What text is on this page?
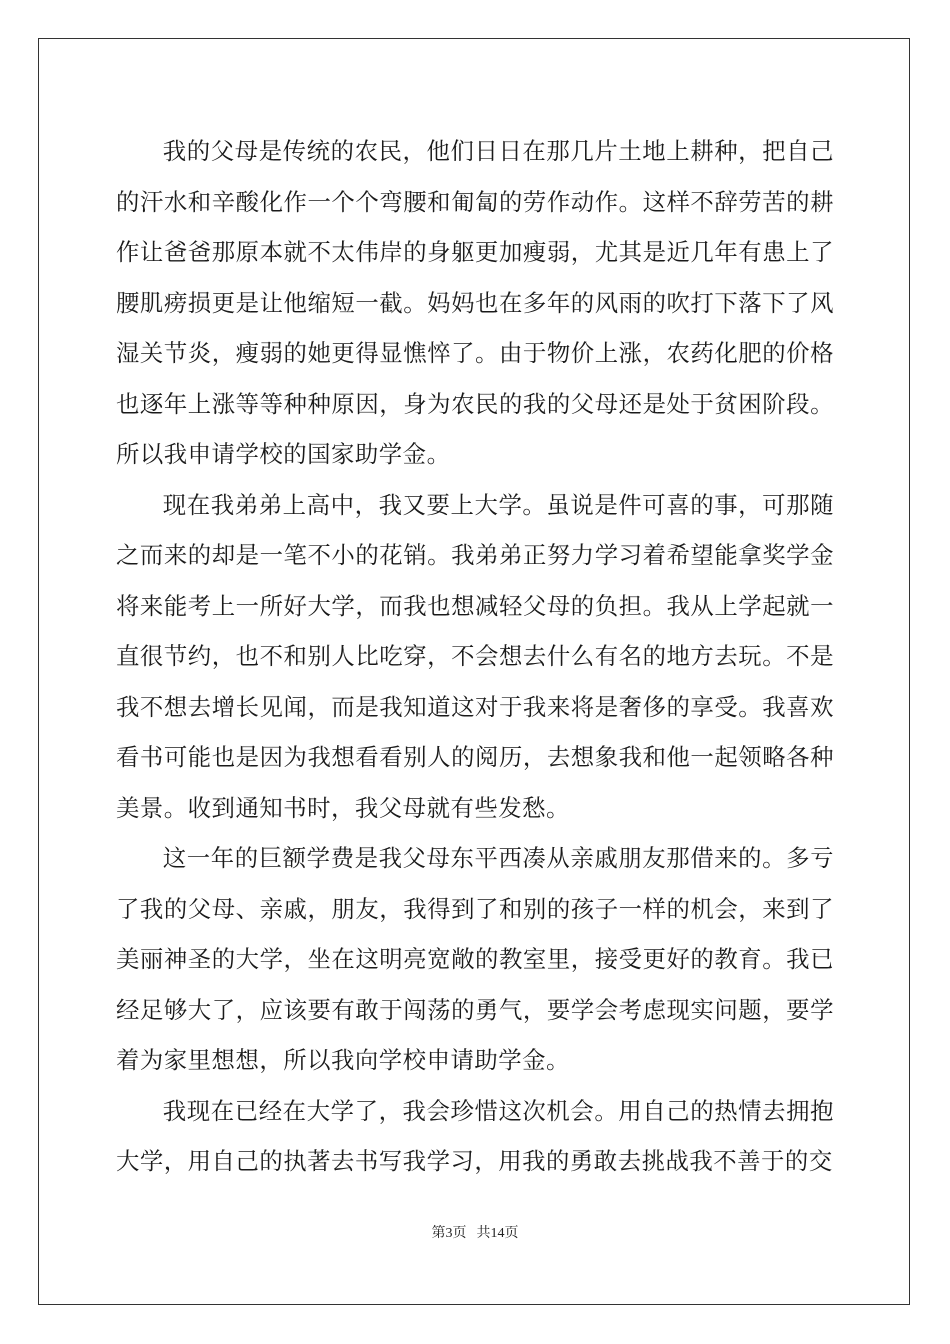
我的父母是传统的农民，他们日日在那几片土地上耕种，把自己的汗水和辛酸化作一个个弯腰和匍匐的劳作动作。这样不辞劳苦的耕作让爸爸那原本就不太伟岸的身躯更加瘦弱，尤其是近几年有患上了腰肌痨损更是让他缩短一截。妈妈也在多年的风雨的吹打下落下了风湿关节炎，瘦弱的她更得显憔悴了。由于物价上涨，农药化肥的价格也逐年上涨等等种种原因，身为农民的我的父母还是处于贫困阶段。所以我申请学校的国家助学金。

现在我弟弟上高中，我又要上大学。虽说是件可喜的事，可那随之而来的却是一笔不小的花销。我弟弟正努力学习着希望能拿奖学金将来能考上一所好大学，而我也想减轻父母的负担。我从上学起就一直很节约，也不和别人比吃穿，不会想去什么有名的地方去玩。不是我不想去增长见闻，而是我知道这对于我来将是奢侈的享受。我喜欢看书可能也是因为我想看看别人的阅历，去想象我和他一起领略各种美景。收到通知书时，我父母就有些发愁。

这一年的巨额学费是我父母东平西凑从亲戚朋友那借来的。多亏了我的父母、亲戚，朋友，我得到了和别的孩子一样的机会，来到了美丽神圣的大学，坐在这明亮宽敞的教室里，接受更好的教育。我已经足够大了，应该要有敢于闯荡的勇气，要学会考虑现实问题，要学着为家里想想，所以我向学校申请助学金。

我现在已经在大学了，我会珍惜这次机会。用自己的热情去拥抱大学，用自己的执著去书写我学习，用我的勇敢去挑战我不善于的交

第3页 共14页
